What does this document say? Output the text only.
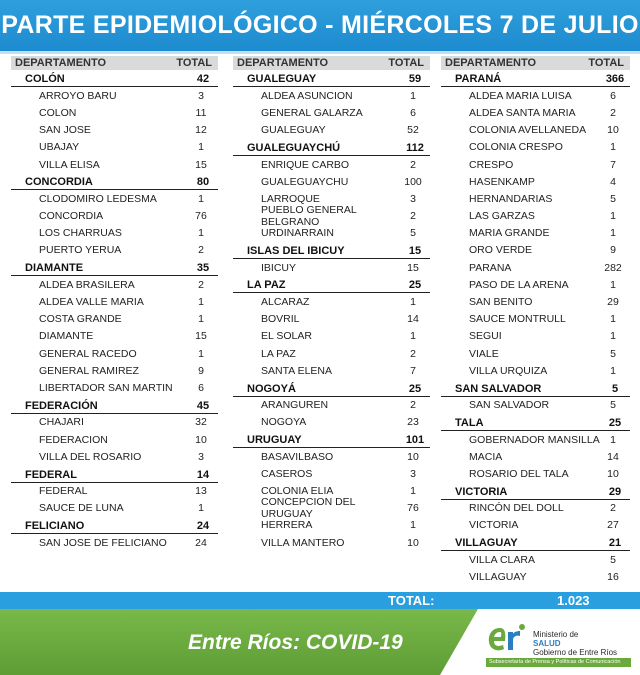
PARTE EPIDEMIOLÓGICO - MIÉRCOLES 7 DE JULIO
DEPARTAMENTO	TOTAL
COLÓN	42
ARROYO BARU	3
COLON	11
SAN JOSE	12
UBAJAY	1
VILLA ELISA	15
CONCORDIA	80
CLODOMIRO LEDESMA	1
CONCORDIA	76
LOS CHARRUAS	1
PUERTO YERUA	2
DIAMANTE	35
ALDEA BRASILERA	2
ALDEA VALLE MARIA	1
COSTA GRANDE	1
DIAMANTE	15
GENERAL RACEDO	1
GENERAL RAMIREZ	9
LIBERTADOR SAN MARTIN	6
FEDERACIÓN	45
CHAJARI	32
FEDERACION	10
VILLA DEL ROSARIO	3
FEDERAL	14
FEDERAL	13
SAUCE DE LUNA	1
FELICIANO	24
SAN JOSE DE FELICIANO	24
DEPARTAMENTO	TOTAL
GUALEGUAY	59
ALDEA ASUNCION	1
GENERAL GALARZA	6
GUALEGUAY	52
GUALEGUAYCHÚ	112
ENRIQUE CARBO	2
GUALEGUAYCHU	100
LARROQUE	3
PUEBLO GENERAL BELGRANO	2
URDINARRAIN	5
ISLAS DEL IBICUY	15
IBICUY	15
LA PAZ	25
ALCARAZ	1
BOVRIL	14
EL SOLAR	1
LA PAZ	2
SANTA ELENA	7
NOGOYÁ	25
ARANGUREN	2
NOGOYA	23
URUGUAY	101
BASAVILBASO	10
CASEROS	3
COLONIA ELIA	1
CONCEPCION DEL URUGUAY	76
HERRERA	1
VILLA MANTERO	10
DEPARTAMENTO	TOTAL
PARANÁ	366
ALDEA MARIA LUISA	6
ALDEA SANTA MARIA	2
COLONIA AVELLANEDA	10
COLONIA CRESPO	1
CRESPO	7
HASENKAMP	4
HERNANDARIAS	5
LAS GARZAS	1
MARIA GRANDE	1
ORO VERDE	9
PARANA	282
PASO DE LA ARENA	1
SAN BENITO	29
SAUCE MONTRULL	1
SEGUI	1
VIALE	5
VILLA URQUIZA	1
SAN SALVADOR	5
SAN SALVADOR	5
TALA	25
GOBERNADOR MANSILLA 1
MACIA	14
ROSARIO DEL TALA	10
VICTORIA	29
RINCÓN DEL DOLL	2
VICTORIA	27
VILLAGUAY	21
VILLA CLARA	5
VILLAGUAY	16
TOTAL:	1.023
Entre Ríos: COVID-19	Ministerio de
SALUD
Gobierno de Entre Ríos
Subsecretaría de Prensa y Políticas de Comunicación
